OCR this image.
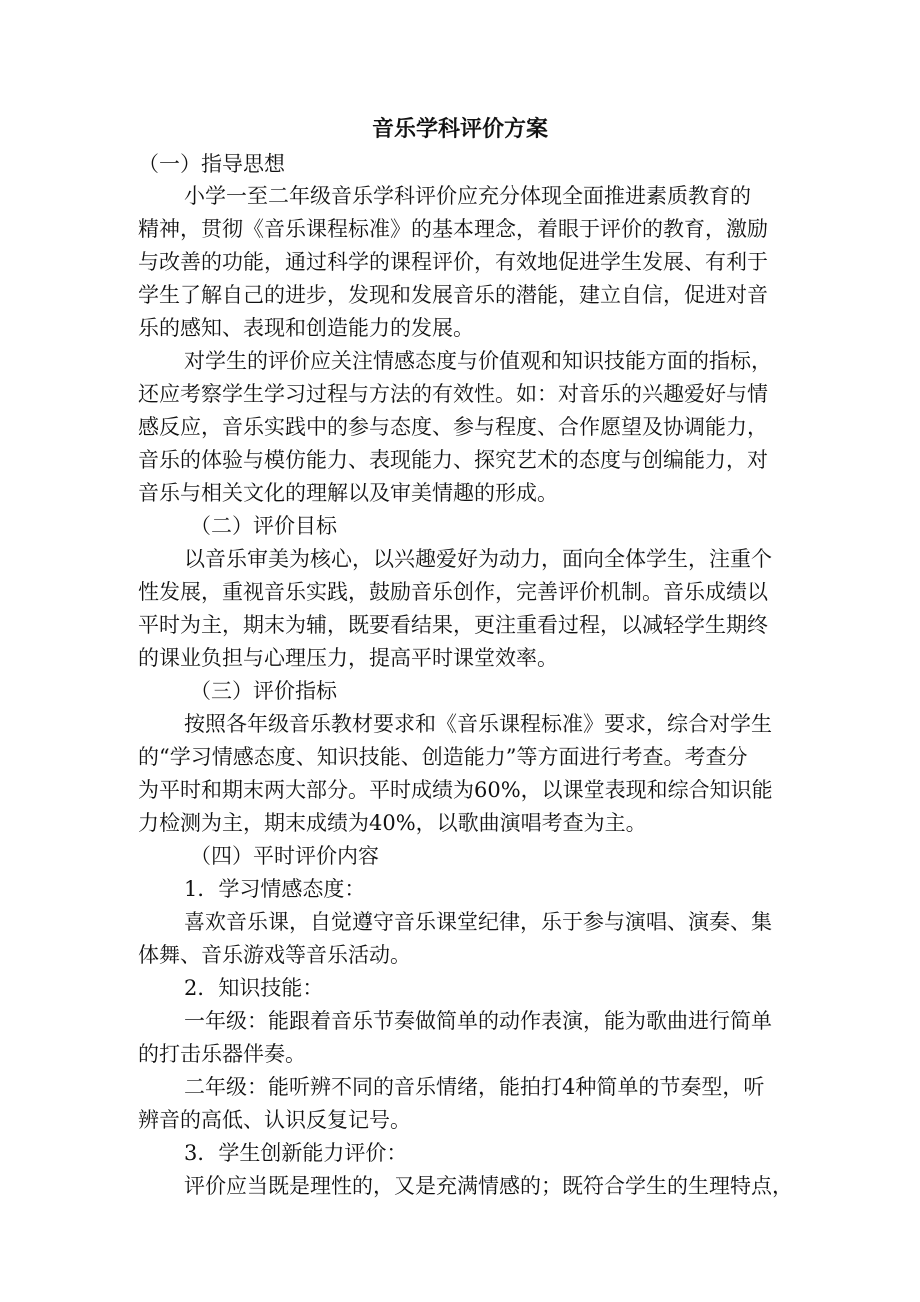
音乐学科评价方案

（一）指导思想

小学一至二年级音乐学科评价应充分体现全面推进素质教育的

精神，贯彻《音乐课程标准》的基本理念，着眼于评价的教育，激励

与改善的功能，通过科学的课程评价，有效地促进学生发展、有利于

学生了解自己的进步，发现和发展音乐的潜能，建立自信，促进对音

乐的感知、表现和创造能力的发展。

对学生的评价应关注情感态度与价值观和知识技能方面的指标，

还应考察学生学习过程与方法的有效性。如：对音乐的兴趣爱好与情

感反应，音乐实践中的参与态度、参与程度、合作愿望及协调能力，

音乐的体验与模仿能力、表现能力、探究艺术的态度与创编能力，对

音乐与相关文化的理解以及审美情趣的形成。

（二）评价目标

以音乐审美为核心，以兴趣爱好为动力，面向全体学生，注重个

性发展，重视音乐实践，鼓励音乐创作，完善评价机制。音乐成绩以

平时为主，期末为辅，既要看结果，更注重看过程，以减轻学生期终

的课业负担与心理压力，提高平时课堂效率。

（三）评价指标

按照各年级音乐教材要求和《音乐课程标准》要求，综合对学生

的“学习情感态度、知识技能、创造能力”等方面进行考查。考查分

为平时和期末两大部分。平时成绩为60%，以课堂表现和综合知识能

力检测为主，期末成绩为40%，以歌曲演唱考查为主。

（四）平时评价内容

1．学习情感态度：

喜欢音乐课，自觉遵守音乐课堂纪律，乐于参与演唱、演奏、集

体舞、音乐游戏等音乐活动。

2．知识技能：

一年级：能跟着音乐节奏做简单的动作表演，能为歌曲进行简单

的打击乐器伴奏。

二年级：能听辨不同的音乐情绪，能拍打4种简单的节奏型，听

辨音的高低、认识反复记号。

3．学生创新能力评价：

评价应当既是理性的，又是充满情感的；既符合学生的生理特点，
